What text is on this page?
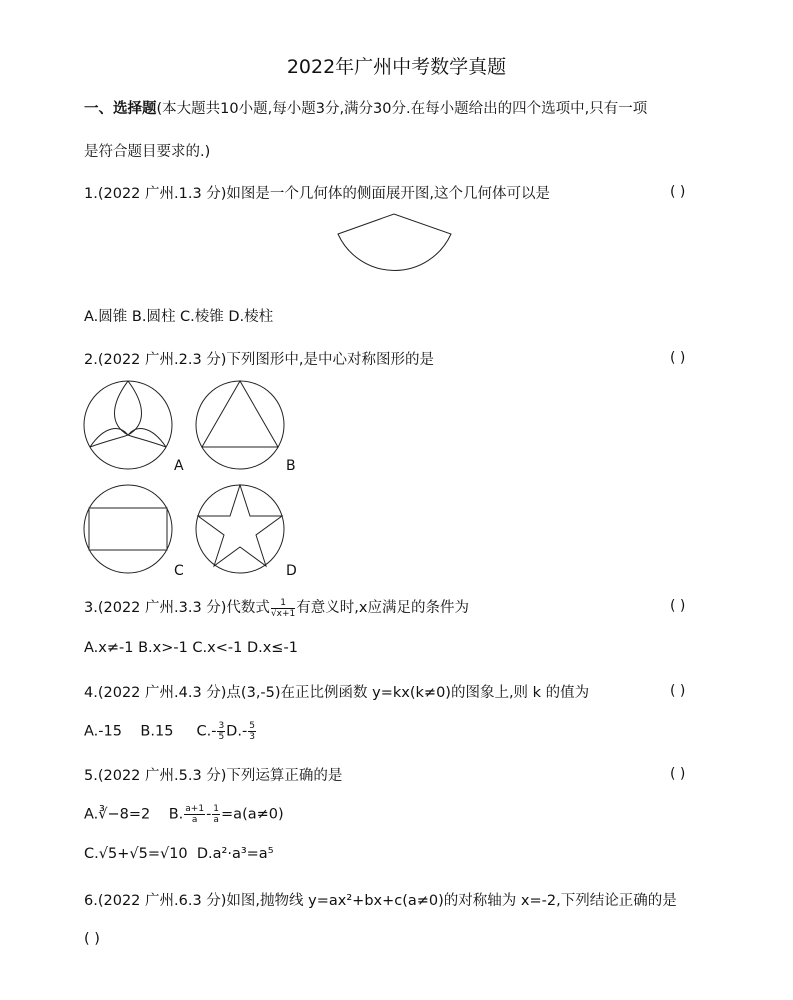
2022年广州中考数学真题
一、选择题(本大题共10小题,每小题3分,满分30分.在每小题给出的四个选项中,只有一项
是符合题目要求的.)
1.(2022 广州.1.3 分)如图是一个几何体的侧面展开图,这个几何体可以是	( )
A.圆锥 B.圆柱 C.棱锥 D.棱柱
2.(2022 广州.2.3 分)下列图形中,是中心对称图形的是	( )
A	B
C	D
3.(2022 广州.3.3 分)代数式 $\frac{1}{√x+1}$ 有意义时,x应满足的条件为	( )
A.x≠-1 B.x>-1 C.x<-1 D.x≤-1
4.(2022 广州.4.3 分)点(3,-5)在正比例函数 y=kx(k≠0)的图象上,则 k 的值为	( )
A.-15 B.15 $C.- \frac{3}{5} D.- \frac{5}{3}$
5.(2022 广州.5.3 分)下列运算正确的是	( )
A.∛−8=2 B. $\frac{a+1}{a} - \frac{1}{a} =a(a\ne 0)$
C.√5+√5=√10 D.a²·a³=a⁵
6.(2022 广州.6.3 分)如图,抛物线 y=ax²+bx+c(a≠0)的对称轴为 x=-2,下列结论正确的是
( )
